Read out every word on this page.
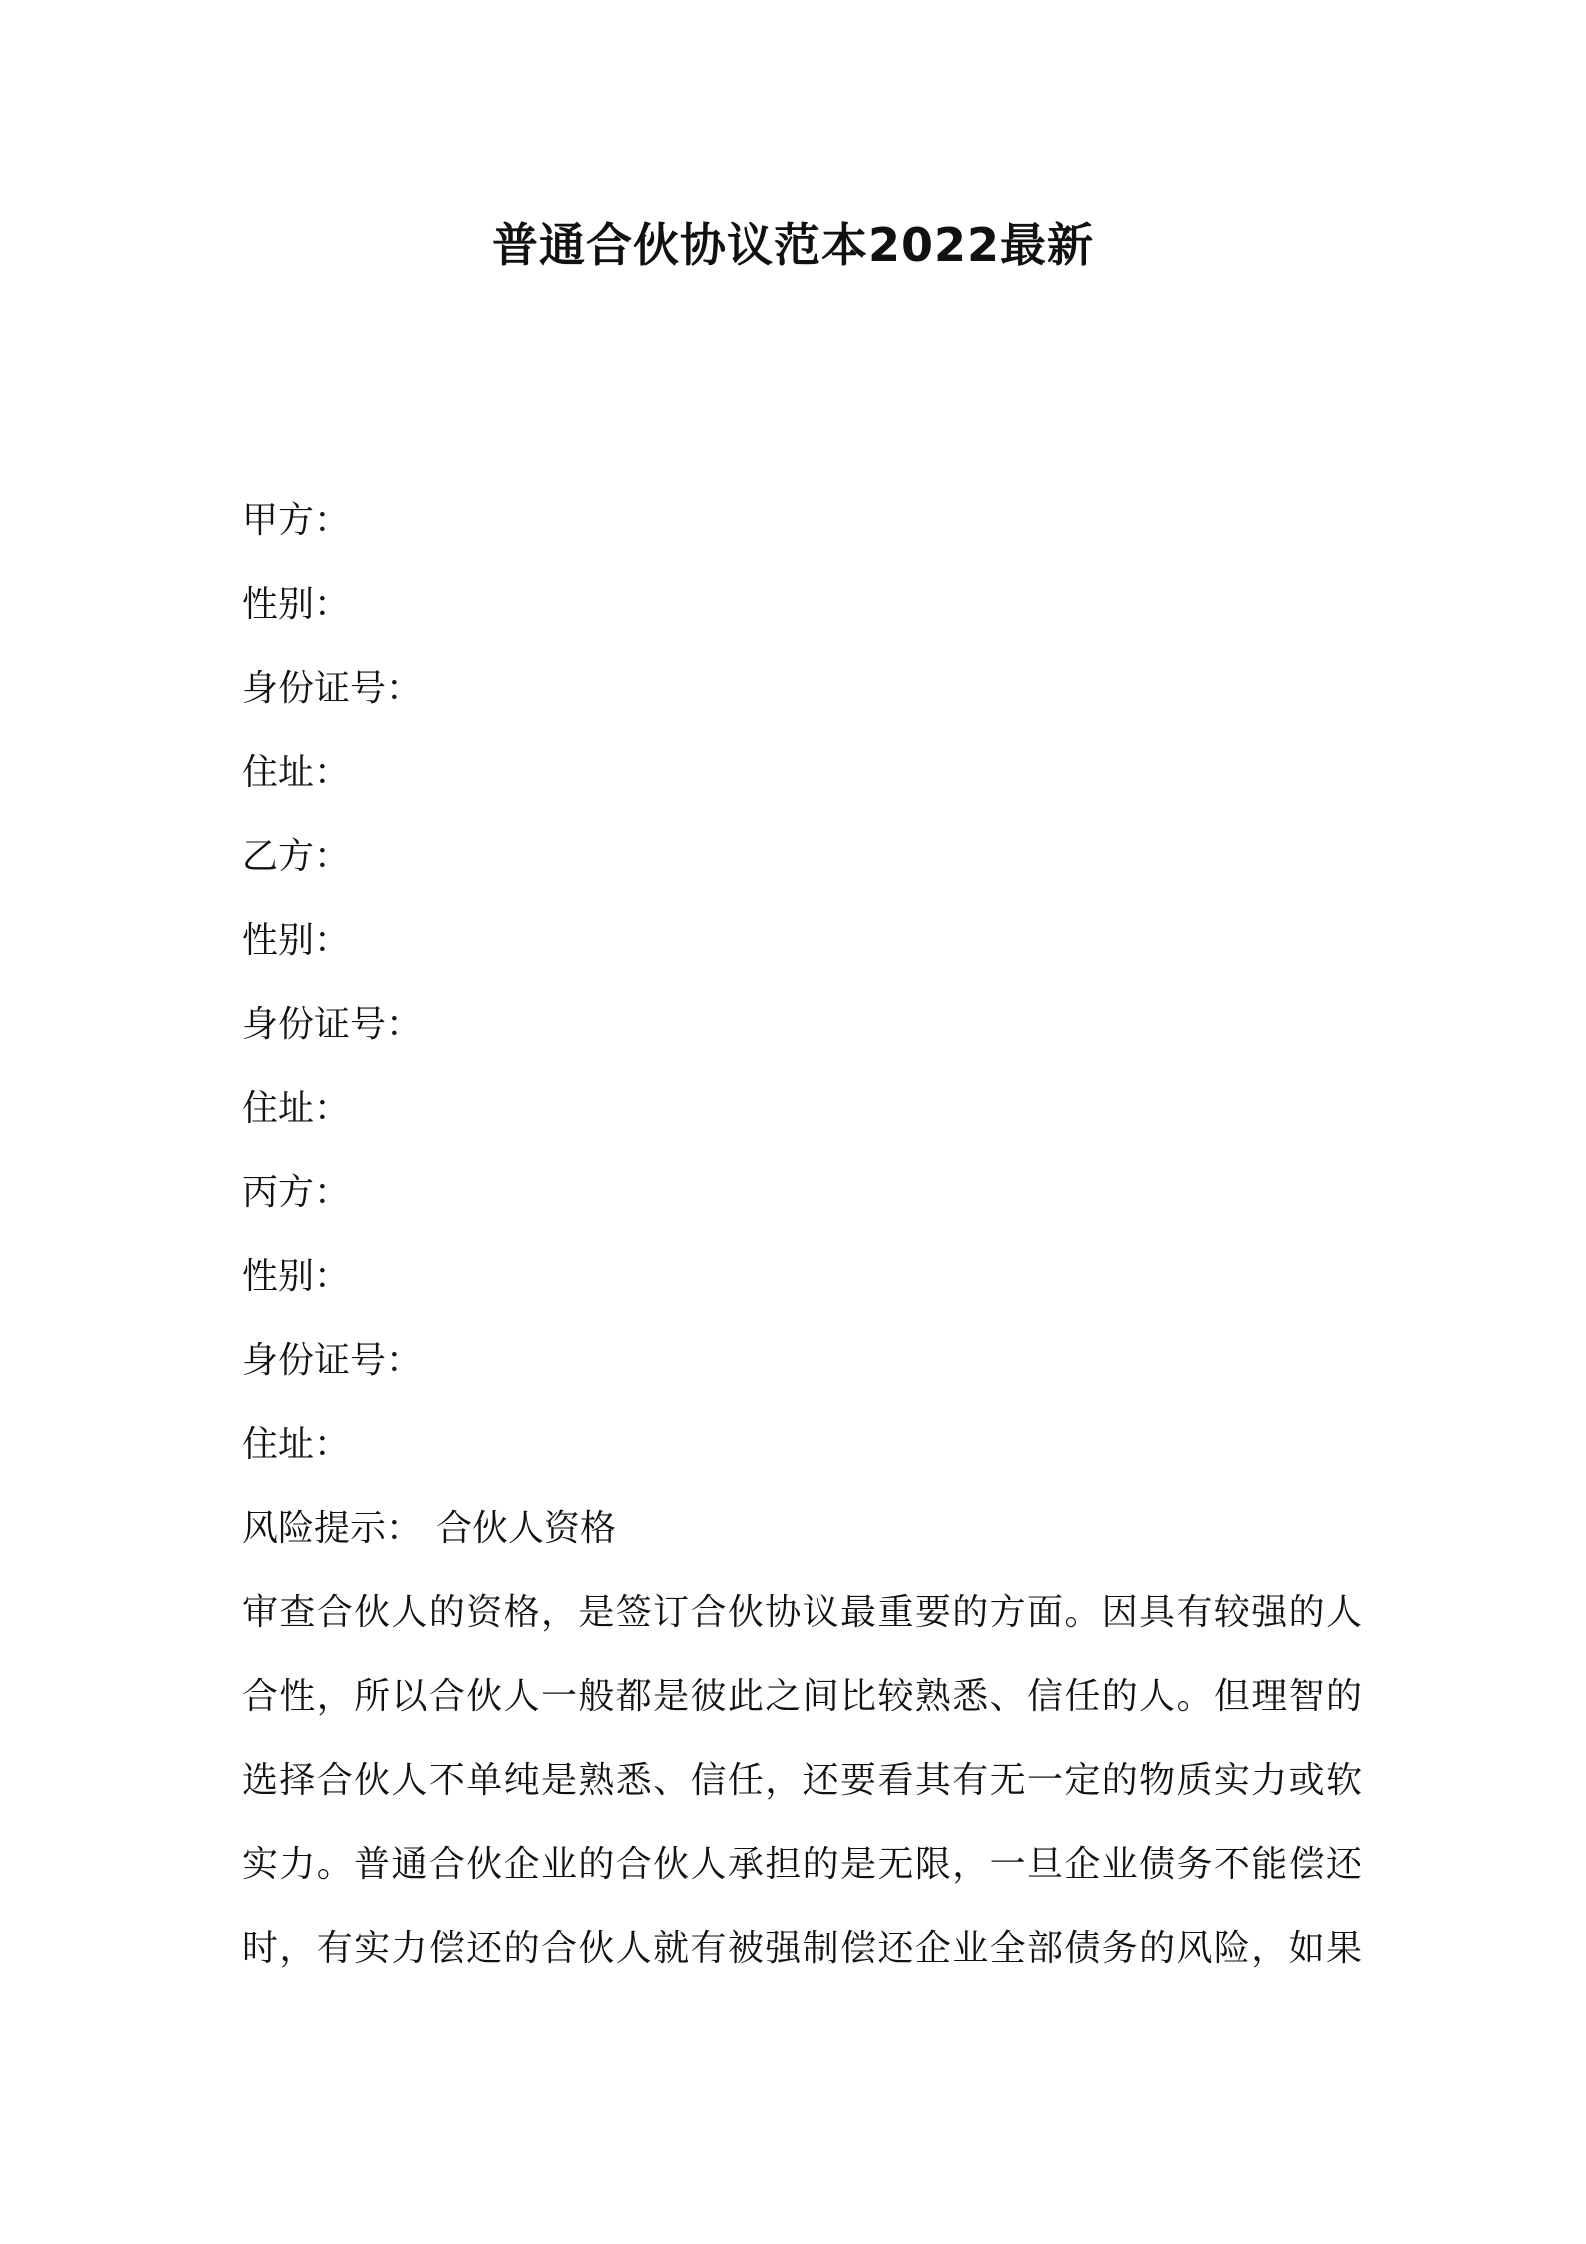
普通合伙协议范本2022最新
甲方：
性别：
身份证号：
住址：
乙方：
性别：
身份证号：
住址：
丙方：
性别：
身份证号：
住址：
风险提示： 合伙人资格
审查合伙人的资格，是签订合伙协议最重要的方面。因具有较强的人
合性，所以合伙人一般都是彼此之间比较熟悉、信任的人。但理智的
选择合伙人不单纯是熟悉、信任，还要看其有无一定的物质实力或软
实力。普通合伙企业的合伙人承担的是无限，一旦企业债务不能偿还
时，有实力偿还的合伙人就有被强制偿还企业全部债务的风险，如果
